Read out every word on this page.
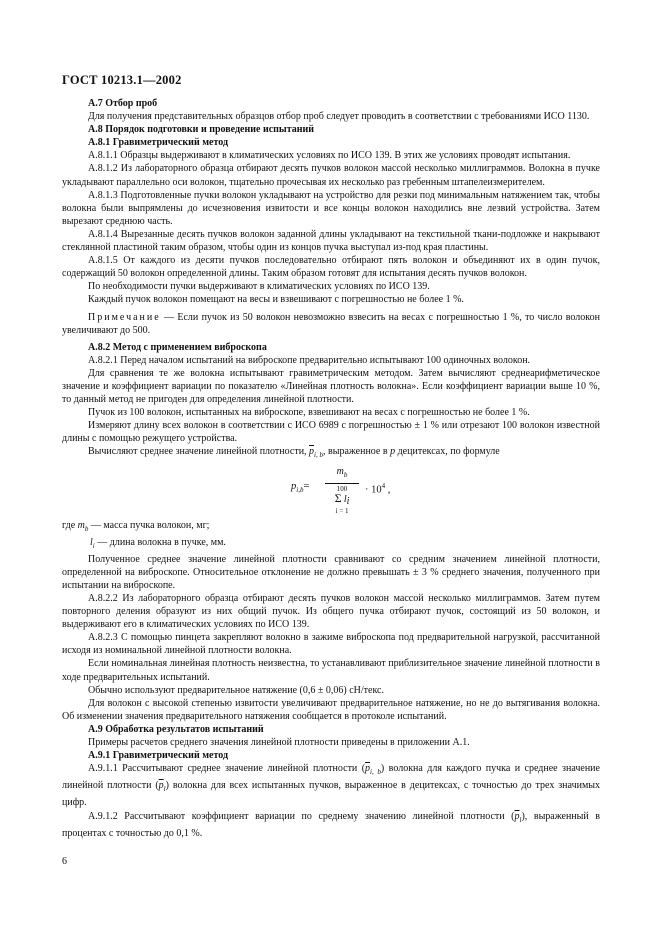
ГОСТ 10213.1—2002

А.7 Отбор проб

Для получения представительных образцов отбор проб следует проводить в соответствии с требованиями ИСО 1130.

А.8 Порядок подготовки и проведение испытаний

А.8.1 Гравиметрический метод

А.8.1.1 Образцы выдерживают в климатических условиях по ИСО 139. В этих же условиях проводят испытания.

А.8.1.2 Из лабораторного образца отбирают десять пучков волокон массой несколько миллиграммов. Волокна в пучке укладывают параллельно оси волокон, тщательно прочесывая их несколько раз гребенным штапелеизмерителем.

А.8.1.3 Подготовленные пучки волокон укладывают на устройство для резки под минимальным натяжением так, чтобы волокна были выпрямлены до исчезновения извитости и все концы волокон находились вне лезвий устройства. Затем вырезают среднюю часть.

А.8.1.4 Вырезанные десять пучков волокон заданной длины укладывают на текстильной ткани-подложке и накрывают стеклянной пластиной таким образом, чтобы один из концов пучка выступал из-под края пластины.

А.8.1.5 От каждого из десяти пучков последовательно отбирают пять волокон и объединяют их в один пучок, содержащий 50 волокон определенной длины. Таким образом готовят для испытания десять пучков волокон.

По необходимости пучки выдерживают в климатических условиях по ИСО 139.

Каждый пучок волокон помещают на весы и взвешивают с погрешностью не более 1 %.

Примечание — Если пучок из 50 волокон невозможно взвесить на весах с погрешностью 1 %, то число волокон увеличивают до 500.

А.8.2 Метод с применением виброскопа

А.8.2.1 Перед началом испытаний на виброскопе предварительно испытывают 100 одиночных волокон.

Для сравнения те же волокна испытывают гравиметрическим методом. Затем вычисляют среднеарифметическое значение и коэффициент вариации по показателю «Линейная плотность волокна». Если коэффициент вариации выше 10 %, то данный метод не пригоден для определения линейной плотности.

Пучок из 100 волокон, испытанных на виброскопе, взвешивают на весах с погрешностью не более 1 %.

Измеряют длину всех волокон в соответствии с ИСО 6989 с погрешностью ± 1 % или отрезают 100 волокон известной длины с помощью режущего устройства.

Вычисляют среднее значение линейной плотности, $\overline{p}_{i, b}$, выраженное в p децитексах, по формуле

$p_{i,b}=$
$m_b$
100
Σ $l_i$
i = 1
· $10^4$ ,

где $m_b$ — масса пучка волокон, мг;

$l_i$ — длина волокна в пучке, мм.

Полученное среднее значение линейной плотности сравнивают со средним значением линейной плотности, определенной на виброскопе. Относительное отклонение не должно превышать ± 3 % среднего значения, полученного при испытании на виброскопе.

А.8.2.2 Из лабораторного образца отбирают десять пучков волокон массой несколько миллиграммов. Затем путем повторного деления образуют из них общий пучок. Из общего пучка отбирают пучок, состоящий из 50 волокон, и выдерживают его в климатических условиях по ИСО 139.

А.8.2.3 С помощью пинцета закрепляют волокно в зажиме виброскопа под предварительной нагрузкой, рассчитанной исходя из номинальной линейной плотности волокна.

Если номинальная линейная плотность неизвестна, то устанавливают приблизительное значение линейной плотности в ходе предварительных испытаний.

Обычно используют предварительное натяжение (0,6 ± 0,06) сН/текс.

Для волокон с высокой степенью извитости увеличивают предварительное натяжение, но не до вытягивания волокна. Об изменении значения предварительного натяжения сообщается в протоколе испытаний.

А.9 Обработка результатов испытаний

Примеры расчетов среднего значения линейной плотности приведены в приложении А.1.

А.9.1 Гравиметрический метод

А.9.1.1 Рассчитывают среднее значение линейной плотности $(\overline{p}_{i, b})$ волокна для каждого пучка и среднее значение линейной плотности $(\overline{p}_l)$ волокна для всех испытанных пучков, выраженное в децитексах, с точностью до трех значимых цифр.

А.9.1.2 Рассчитывают коэффициент вариации по среднему значению линейной плотности $(\overline{p}_l)$, выраженный в процентах с точностью до 0,1 %.

6
